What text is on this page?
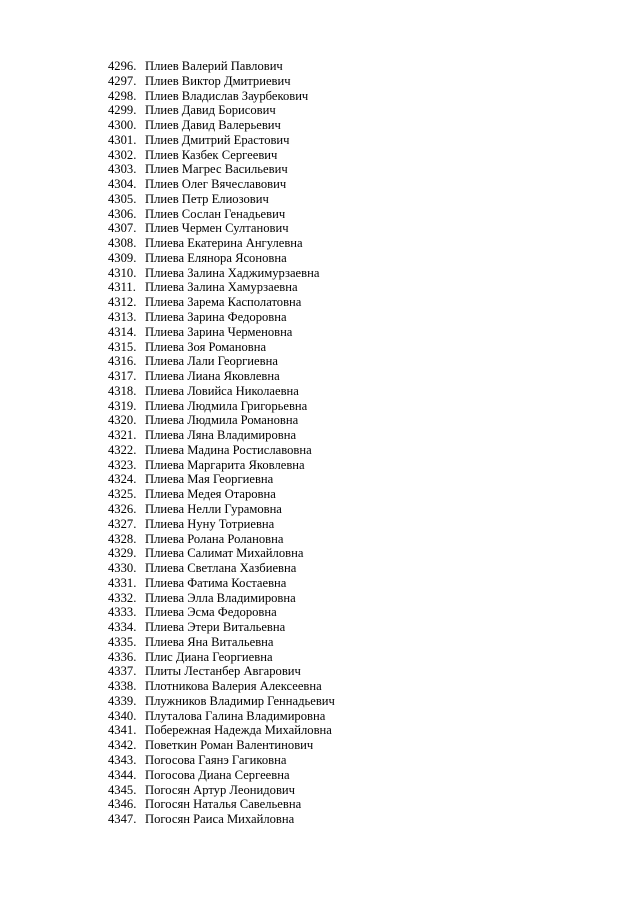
4296. Плиев Валерий Павлович
4297. Плиев Виктор Дмитриевич
4298. Плиев Владислав Заурбекович
4299. Плиев Давид Борисович
4300. Плиев Давид Валерьевич
4301. Плиев Дмитрий Ерастович
4302. Плиев Казбек Сергеевич
4303. Плиев Магрес Васильевич
4304. Плиев Олег Вячеславович
4305. Плиев Петр Елиозович
4306. Плиев Сослан Генадьевич
4307. Плиев Чермен Султанович
4308. Плиева Екатерина Ангулевна
4309. Плиева Елянора Ясоновна
4310. Плиева Залина Хаджимурзаевна
4311. Плиева Залина Хамурзаевна
4312. Плиева Зарема Касполатовна
4313. Плиева Зарина Федоровна
4314. Плиева Зарина Черменовна
4315. Плиева Зоя Романовна
4316. Плиева Лали Георгиевна
4317. Плиева Лиана Яковлевна
4318. Плиева Ловийса Николаевна
4319. Плиева Людмила Григорьевна
4320. Плиева Людмила Романовна
4321. Плиева Ляна Владимировна
4322. Плиева Мадина Ростиславовна
4323. Плиева Маргарита Яковлевна
4324. Плиева Мая Георгиевна
4325. Плиева Медея Отаровна
4326. Плиева Нелли Гурамовна
4327. Плиева Нуну Тотриевна
4328. Плиева Ролана Ролановна
4329. Плиева Салимат Михайловна
4330. Плиева Светлана Хазбиевна
4331. Плиева Фатима Костаевна
4332. Плиева Элла Владимировна
4333. Плиева Эсма Федоровна
4334. Плиева Этери Витальевна
4335. Плиева Яна Витальевна
4336. Плис Диана Георгиевна
4337. Плиты Лестанбер Авгарович
4338. Плотникова Валерия Алексеевна
4339. Плужников Владимир Геннадьевич
4340. Плуталова Галина Владимировна
4341. Побережная Надежда Михайловна
4342. Поветкин Роман Валентинович
4343. Погосова Гаянэ Гагиковна
4344. Погосова Диана Сергеевна
4345. Погосян Артур Леонидович
4346. Погосян Наталья Савельевна
4347. Погосян Раиса Михайловна
